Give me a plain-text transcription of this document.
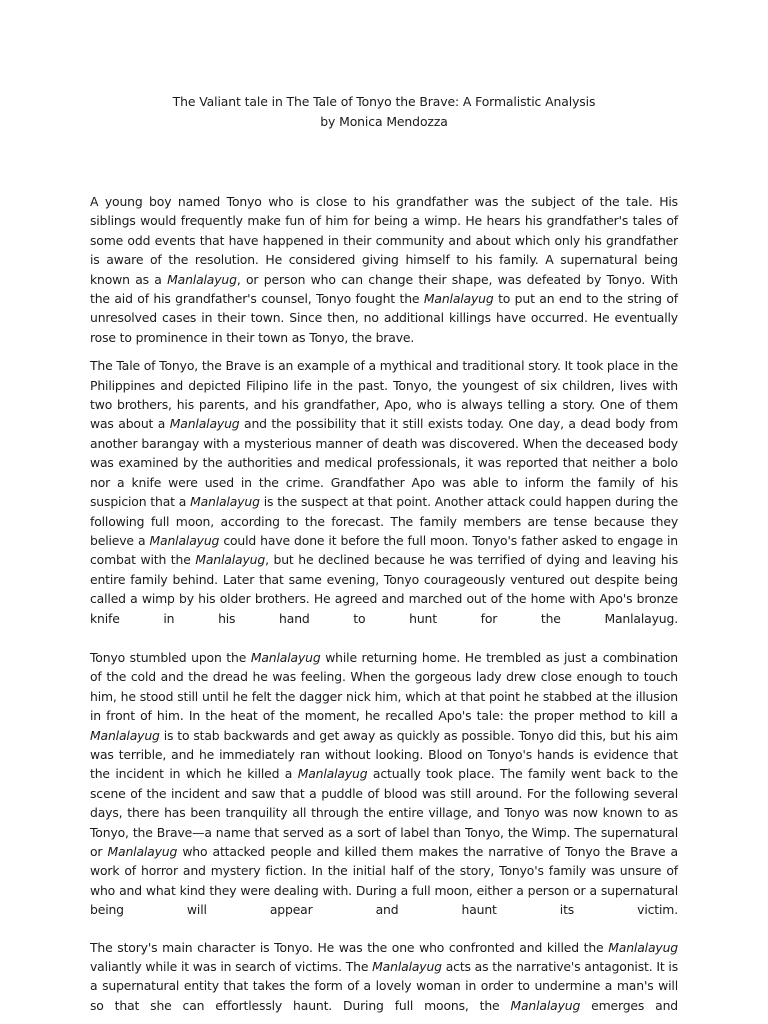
The Valiant tale in The Tale of Tonyo the Brave: A Formalistic Analysis
by Monica Mendozza

A young boy named Tonyo who is close to his grandfather was the subject of the tale. His siblings would frequently make fun of him for being a wimp. He hears his grandfather's tales of some odd events that have happened in their community and about which only his grandfather is aware of the resolution. He considered giving himself to his family. A supernatural being known as a Manlalayug, or person who can change their shape, was defeated by Tonyo. With the aid of his grandfather's counsel, Tonyo fought the Manlalayug to put an end to the string of unresolved cases in their town. Since then, no additional killings have occurred. He eventually rose to prominence in their town as Tonyo, the brave.

The Tale of Tonyo, the Brave is an example of a mythical and traditional story. It took place in the Philippines and depicted Filipino life in the past. Tonyo, the youngest of six children, lives with two brothers, his parents, and his grandfather, Apo, who is always telling a story. One of them was about a Manlalayug and the possibility that it still exists today. One day, a dead body from another barangay with a mysterious manner of death was discovered. When the deceased body was examined by the authorities and medical professionals, it was reported that neither a bolo nor a knife were used in the crime. Grandfather Apo was able to inform the family of his suspicion that a Manlalayug is the suspect at that point. Another attack could happen during the following full moon, according to the forecast. The family members are tense because they believe a Manlalayug could have done it before the full moon. Tonyo's father asked to engage in combat with the Manlalayug, but he declined because he was terrified of dying and leaving his entire family behind. Later that same evening, Tonyo courageously ventured out despite being called a wimp by his older brothers. He agreed and marched out of the home with Apo's bronze knife in his hand to hunt for the Manlalayug.

Tonyo stumbled upon the Manlalayug while returning home. He trembled as just a combination of the cold and the dread he was feeling. When the gorgeous lady drew close enough to touch him, he stood still until he felt the dagger nick him, which at that point he stabbed at the illusion in front of him. In the heat of the moment, he recalled Apo's tale: the proper method to kill a Manlalayug is to stab backwards and get away as quickly as possible. Tonyo did this, but his aim was terrible, and he immediately ran without looking. Blood on Tonyo's hands is evidence that the incident in which he killed a Manlalayug actually took place. The family went back to the scene of the incident and saw that a puddle of blood was still around. For the following several days, there has been tranquility all through the entire village, and Tonyo was now known to as Tonyo, the Brave—a name that served as a sort of label than Tonyo, the Wimp. The supernatural or Manlalayug who attacked people and killed them makes the narrative of Tonyo the Brave a work of horror and mystery fiction. In the initial half of the story, Tonyo's family was unsure of who and what kind they were dealing with. During a full moon, either a person or a supernatural being will appear and haunt its victim.

The story's main character is Tonyo. He was the one who confronted and killed the Manlalayug valiantly while it was in search of victims. The Manlalayug acts as the narrative's antagonist. It is a supernatural entity that takes the form of a lovely woman in order to undermine a man's will so that she can effortlessly haunt. During full moons, the Manlalayug emerges and
